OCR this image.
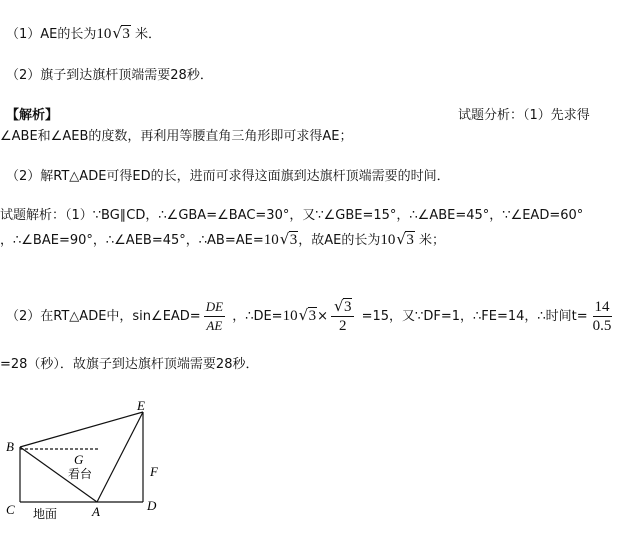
（1）AE的长为10 √ 3 米．
（2）旗子到达旗杆顶端需要28秒．
【解析】	试题分析：（1）先求得
∠ABE和∠AEB的度数，再利用等腰直角三角形即可求得AE；
（2）解RT△ADE可得ED的长，进而可求得这面旗到达旗杆顶端需要的时间．
试题解析：（1）∵BG∥CD，∴∠GBA=∠BAC=30°，又∵∠GBE=15°，∴∠ABE=45°，∵∠EAD=60°
，∴∠BAE=90°，∴∠AEB=45°，∴AB=AE=10 √ 3，故AE的长为10 √ 3 米；
（2）在RT△ADE中，sin∠EAD= $\frac{DE}{AE}$ ，∴DE=10 √ $3\times \frac{√ 3}{2} =15$，又∵DF=1，∴FE=14，∴时间$t= \frac{14}{0.5}$
=28（秒）．故旗子到达旗杆顶端需要28秒．
B
C	A	D
E
F
G
看台
地面
